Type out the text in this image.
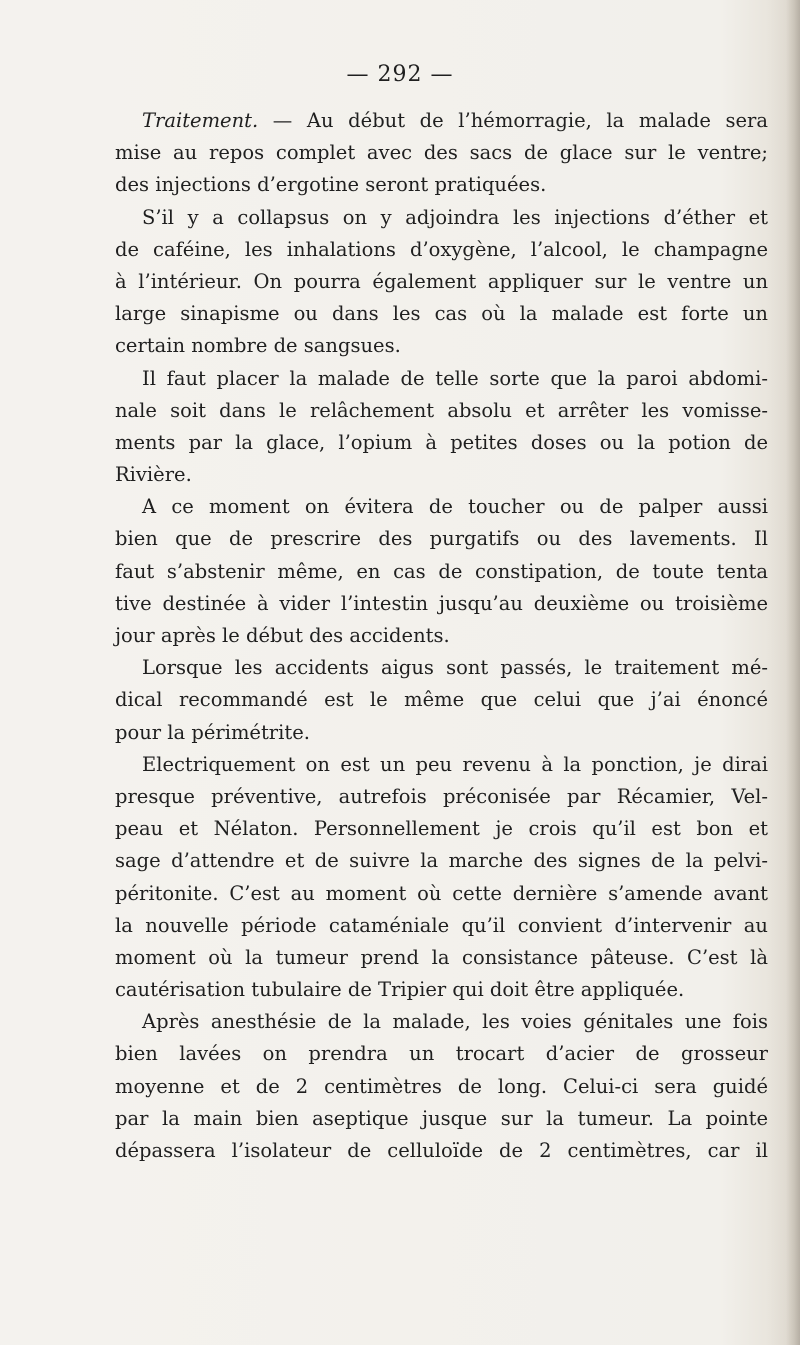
— 292 —
Traitement. — Au début de l’hémorragie, la malade sera
mise au repos complet avec des sacs de glace sur le ventre;
des injections d’ergotine seront pratiquées.
S’il y a collapsus on y adjoindra les injections d’éther et
de caféine, les inhalations d’oxygène, l’alcool, le champagne
à l’intérieur. On pourra également appliquer sur le ventre un
large sinapisme ou dans les cas où la malade est forte un
certain nombre de sangsues.
Il faut placer la malade de telle sorte que la paroi abdomi-
nale soit dans le relâchement absolu et arrêter les vomisse-
ments par la glace, l’opium à petites doses ou la potion de
Rivière.
A ce moment on évitera de toucher ou de palper aussi
bien que de prescrire des purgatifs ou des lavements. Il
faut s’abstenir même, en cas de constipation, de toute tenta
tive destinée à vider l’intestin jusqu’au deuxième ou troisième
jour après le début des accidents.
Lorsque les accidents aigus sont passés, le traitement mé-
dical recommandé est le même que celui que j’ai énoncé
pour la périmétrite.
Electriquement on est un peu revenu à la ponction, je dirai
presque préventive, autrefois préconisée par Récamier, Vel-
peau et Nélaton. Personnellement je crois qu’il est bon et
sage d’attendre et de suivre la marche des signes de la pelvi-
péritonite. C’est au moment où cette dernière s’amende avant
la nouvelle période cataméniale qu’il convient d’intervenir au
moment où la tumeur prend la consistance pâteuse. C’est là
cautérisation tubulaire de Tripier qui doit être appliquée.
Après anesthésie de la malade, les voies génitales une fois
bien lavées on prendra un trocart d’acier de grosseur
moyenne et de 2 centimètres de long. Celui-ci sera guidé
par la main bien aseptique jusque sur la tumeur. La pointe
dépassera l’isolateur de celluloïde de 2 centimètres, car il
